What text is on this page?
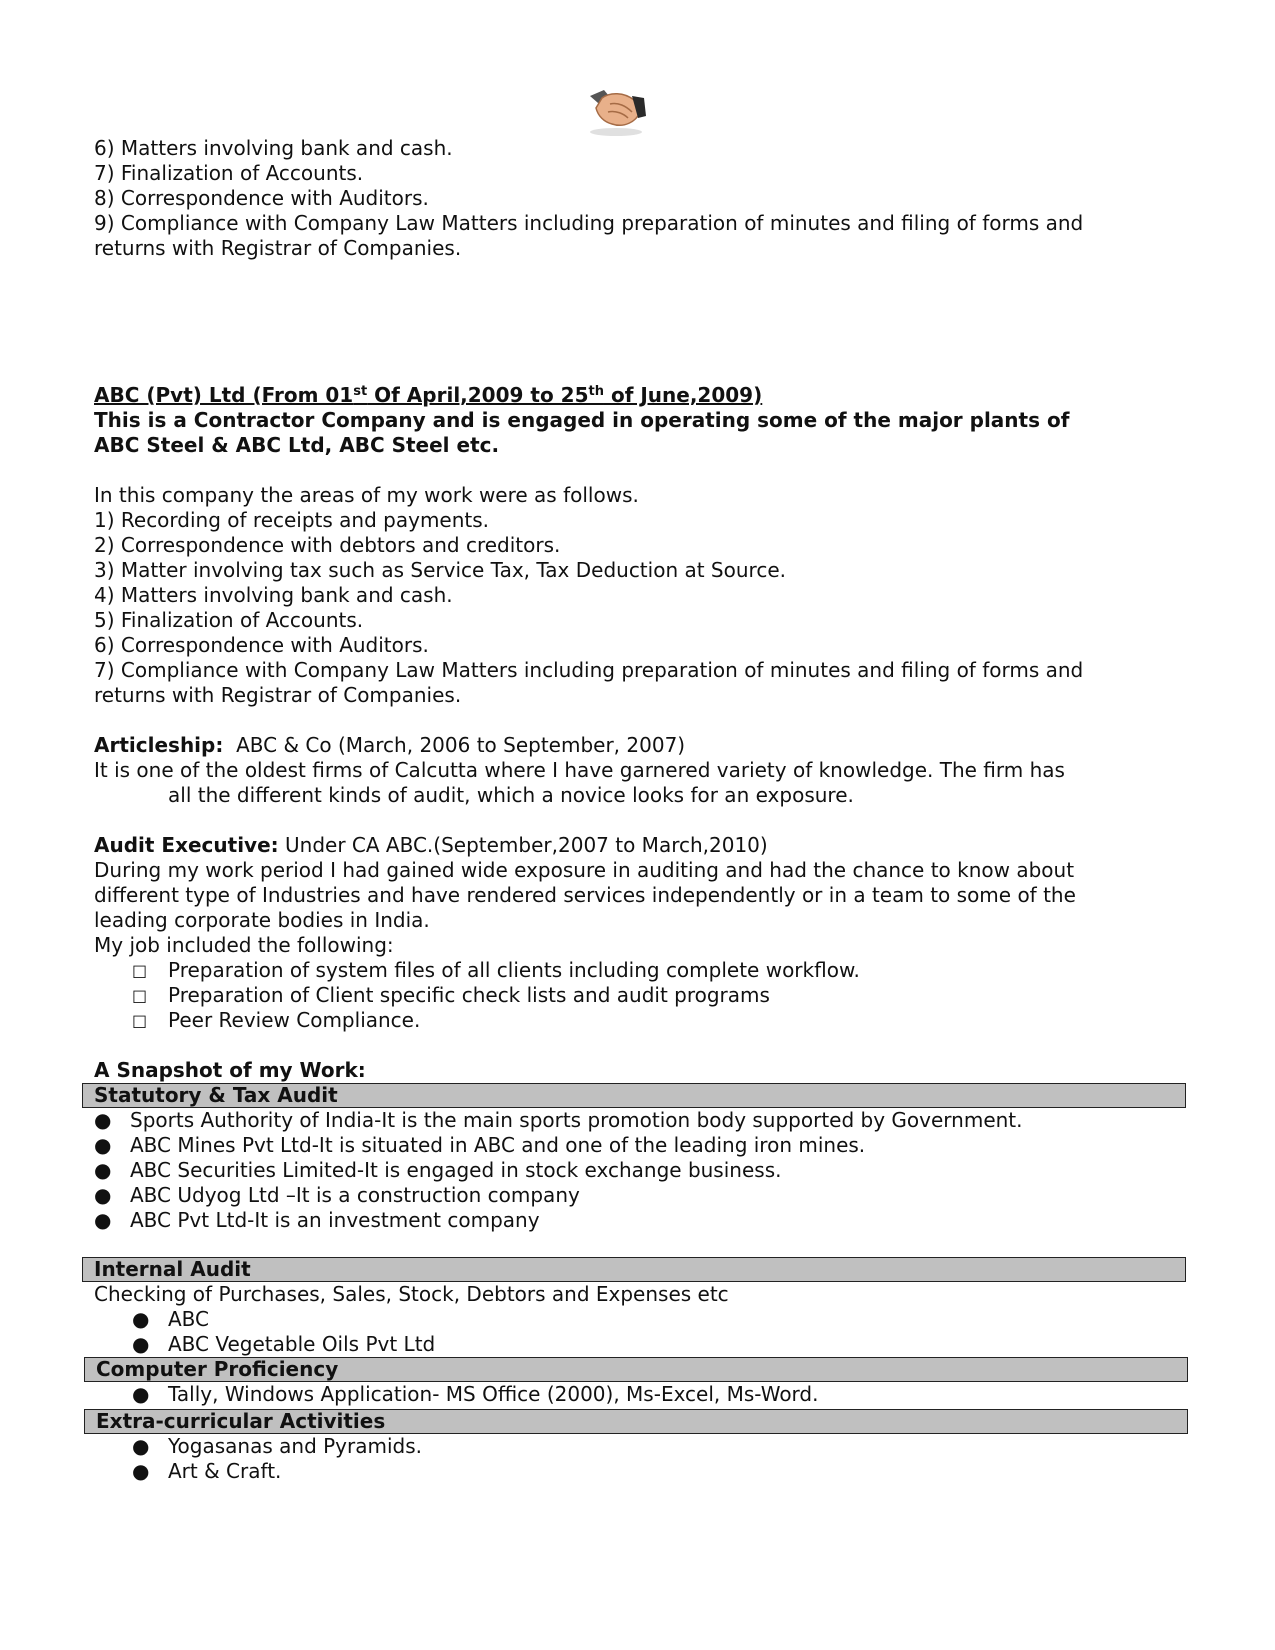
6) Matters involving bank and cash.
7) Finalization of Accounts.
8) Correspondence with Auditors.
9) Compliance with Company Law Matters including preparation of minutes and filing of forms and
returns with Registrar of Companies.
ABC (Pvt) Ltd (From 01st Of April,2009 to 25th of June,2009)
This is a Contractor Company and is engaged in operating some of the major plants of
ABC Steel & ABC Ltd, ABC Steel etc.
In this company the areas of my work were as follows.
1) Recording of receipts and payments.
2) Correspondence with debtors and creditors.
3) Matter involving tax such as Service Tax, Tax Deduction at Source.
4) Matters involving bank and cash.
5) Finalization of Accounts.
6) Correspondence with Auditors.
7) Compliance with Company Law Matters including preparation of minutes and filing of forms and
returns with Registrar of Companies.
Articleship:  ABC & Co (March, 2006 to September, 2007)
It is one of the oldest firms of Calcutta where I have garnered variety of knowledge. The firm has
all the different kinds of audit, which a novice looks for an exposure.
Audit Executive: Under CA ABC.(September,2007 to March,2010)
During my work period I had gained wide exposure in auditing and had the chance to know about
different type of Industries and have rendered services independently or in a team to some of the
leading corporate bodies in India.
My job included the following:
□ Preparation of system files of all clients including complete workflow.
□ Preparation of Client specific check lists and audit programs
□ Peer Review Compliance.
A Snapshot of my Work:
Statutory & Tax Audit
● Sports Authority of India-It is the main sports promotion body supported by Government.
● ABC Mines Pvt Ltd-It is situated in ABC and one of the leading iron mines.
● ABC Securities Limited-It is engaged in stock exchange business.
● ABC Udyog Ltd –It is a construction company
● ABC Pvt Ltd-It is an investment company
Internal Audit
Checking of Purchases, Sales, Stock, Debtors and Expenses etc
● ABC
● ABC Vegetable Oils Pvt Ltd
Computer Proficiency
● Tally, Windows Application- MS Office (2000), Ms-Excel, Ms-Word.
Extra-curricular Activities
● Yogasanas and Pyramids.
● Art & Craft.
